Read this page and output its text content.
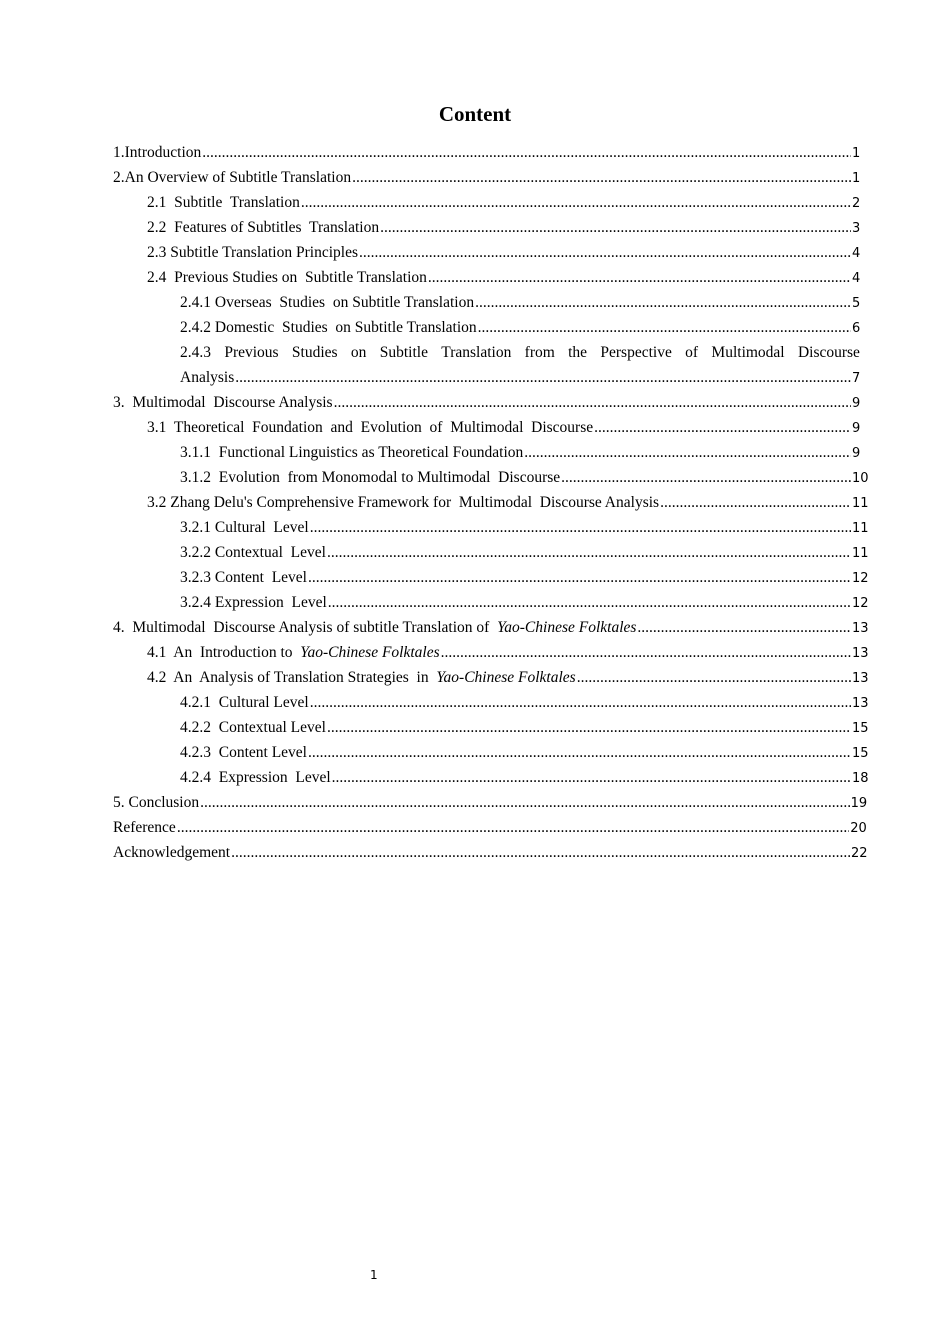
Content
1.Introduction .....	1
2.An Overview of Subtitle Translation .....	1
2.1  Subtitle  Translation .....	2
2.2  Features of Subtitles  Translation .....	3
2.3 Subtitle Translation Principles .....	4
2.4  Previous Studies on  Subtitle Translation .....	4
2.4.1 Overseas  Studies  on Subtitle Translation .....	5
2.4.2 Domestic  Studies  on Subtitle Translation .....	6
2.4.3 Previous Studies on Subtitle Translation from the Perspective of Multimodal Discourse
Analysis .....	7
3.  Multimodal  Discourse Analysis .....	9
3.1  Theoretical  Foundation  and  Evolution  of  Multimodal  Discourse .....	9
3.1.1  Functional Linguistics as Theoretical Foundation .....	9
3.1.2  Evolution  from Monomodal to Multimodal  Discourse .....	10
3.2 Zhang Delu's Comprehensive Framework for  Multimodal  Discourse Analysis .....	11
3.2.1 Cultural  Level .....	11
3.2.2 Contextual  Level .....	11
3.2.3 Content  Level .....	12
3.2.4 Expression  Level .....	12
4.  Multimodal  Discourse Analysis of subtitle Translation of  Yao-Chinese Folktales .....	13
4.1  An  Introduction to  Yao-Chinese Folktales .....	13
4.2  An  Analysis of Translation Strategies  in  Yao-Chinese Folktales .....	13
4.2.1  Cultural Level .....	13
4.2.2  Contextual Level .....	15
4.2.3  Content Level .....	15
4.2.4  Expression  Level .....	18
5. Conclusion .....	19
Reference .....	20
Acknowledgement .....	22
1
